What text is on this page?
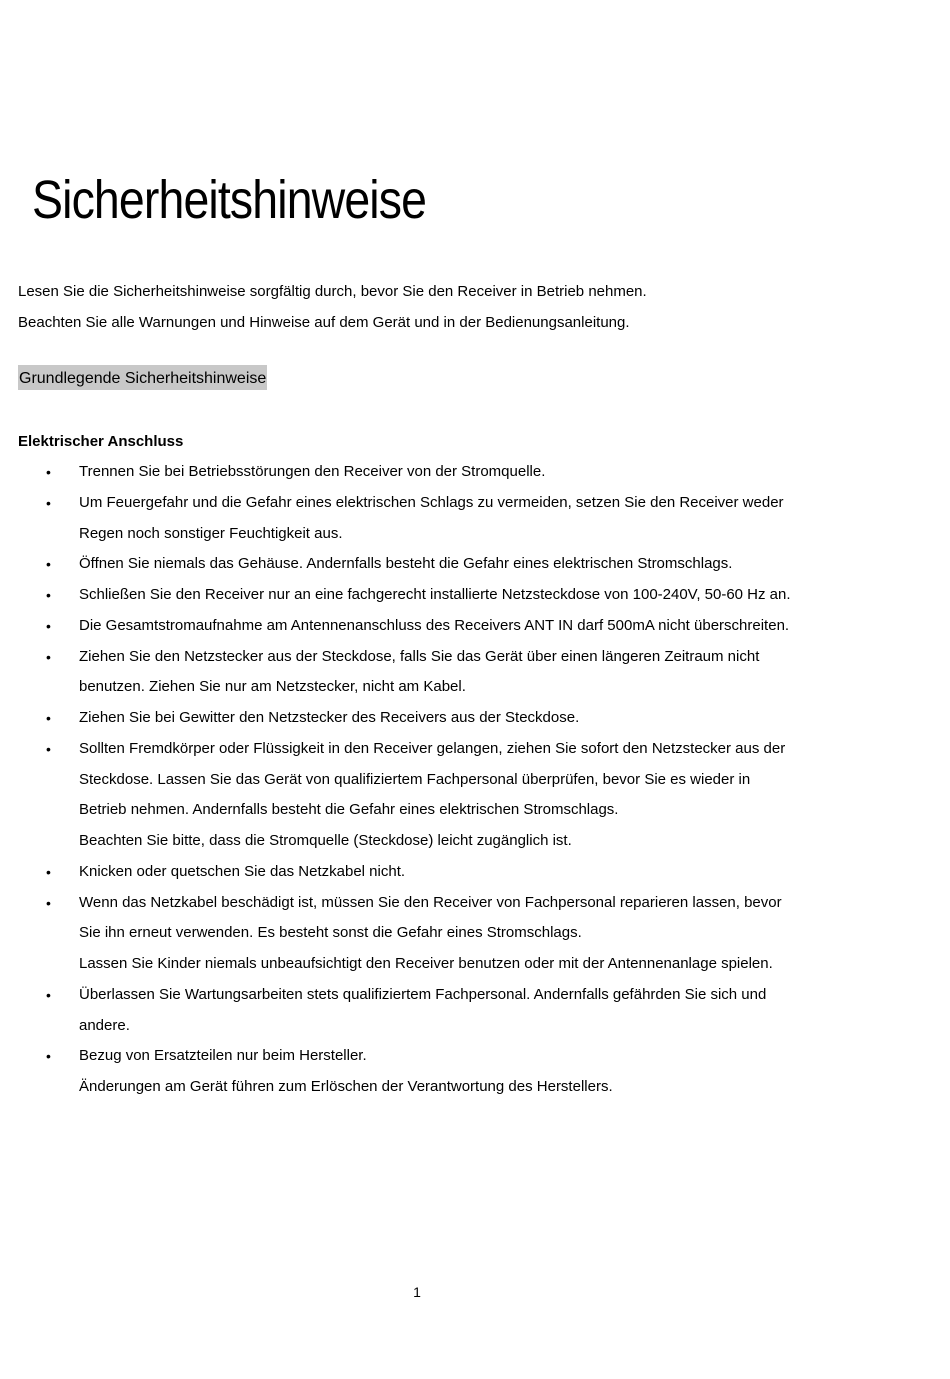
Sicherheitshinweise

Lesen Sie die Sicherheitshinweise sorgfältig durch, bevor Sie den Receiver in Betrieb nehmen.

Beachten Sie alle Warnungen und Hinweise auf dem Gerät und in der Bedienungsanleitung.

Grundlegende Sicherheitshinweise
Elektrischer Anschluss
• Trennen Sie bei Betriebsstörungen den Receiver von der Stromquelle.

• Um Feuergefahr und die Gefahr eines elektrischen Schlags zu vermeiden, setzen Sie den Receiver weder

Regen noch sonstiger Feuchtigkeit aus.

• Öffnen Sie niemals das Gehäuse. Andernfalls besteht die Gefahr eines elektrischen Stromschlags.

• Schließen Sie den Receiver nur an eine fachgerecht installierte Netzsteckdose von 100-240V, 50-60 Hz an.

• Die Gesamtstromaufnahme am Antennenanschluss des Receivers ANT IN darf 500mA nicht überschreiten.

• Ziehen Sie den Netzstecker aus der Steckdose, falls Sie das Gerät über einen längeren Zeitraum nicht

benutzen. Ziehen Sie nur am Netzstecker, nicht am Kabel.

• Ziehen Sie bei Gewitter den Netzstecker des Receivers aus der Steckdose.

• Sollten Fremdkörper oder Flüssigkeit in den Receiver gelangen, ziehen Sie sofort den Netzstecker aus der

Steckdose. Lassen Sie das Gerät von qualifiziertem Fachpersonal überprüfen, bevor Sie es wieder in

Betrieb nehmen. Andernfalls besteht die Gefahr eines elektrischen Stromschlags.

Beachten Sie bitte, dass die Stromquelle (Steckdose) leicht zugänglich ist.

• Knicken oder quetschen Sie das Netzkabel nicht.

• Wenn das Netzkabel beschädigt ist, müssen Sie den Receiver von Fachpersonal reparieren lassen, bevor

Sie ihn erneut verwenden. Es besteht sonst die Gefahr eines Stromschlags.

Lassen Sie Kinder niemals unbeaufsichtigt den Receiver benutzen oder mit der Antennenanlage spielen.

• Überlassen Sie Wartungsarbeiten stets qualifiziertem Fachpersonal. Andernfalls gefährden Sie sich und

andere.

• Bezug von Ersatzteilen nur beim Hersteller.

Änderungen am Gerät führen zum Erlöschen der Verantwortung des Herstellers.

1
